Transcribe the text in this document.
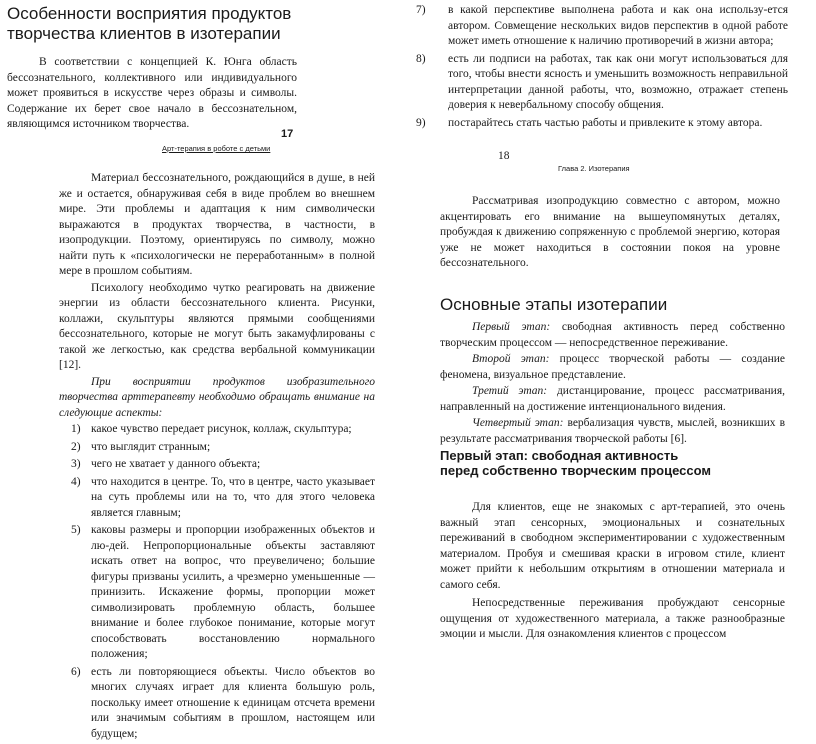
Особенности восприятия продуктов творчества клиентов в изотерапии

В соответствии с концепцией К. Юнга область бессознательного, коллективного или индивидуального может проявиться в искусстве через образы и символы. Содержание их берет свое начало в бессознательном, являющимся источником творчества.

17
Арт-терапия в роботе с детьми

Материал бессознательного, рождающийся в душе, в ней же и остается, обнаруживая себя в виде проблем во внешнем мире. Эти проблемы и адаптация к ним символически выражаются в продуктах творчества, в частности, в изопродукции. Поэтому, ориентируясь по символу, можно найти путь к «психологически не переработанным» в полной мере в прошлом событиям.

Психологу необходимо чутко реагировать на движение энергии из области бессознательного клиента. Рисунки, коллажи, скульптуры являются прямыми сообщениями бессознательного, которые не могут быть закамуфлированы с такой же легкостью, как средства вербальной коммуникации [12].

При восприятии продуктов изобразительного творчества арттерапевту необходимо обращать внимание на следующие аспекты:

1) какое чувство передает рисунок, коллаж, скульптура;
2) что выглядит странным;
3) чего не хватает у данного объекта;
4) что находится в центре. То, что в центре, часто указывает на суть проблемы или на то, что для этого человека является главным;
5) каковы размеры и пропорции изображенных объектов и лю-дей. Непропорциональные объекты заставляют искать ответ на вопрос, что преувеличено; большие фигуры призваны усилить, а чрезмерно уменьшенные — принизить. Искажение формы, пропорции может символизировать проблемную область, большее внимание и более глубокое понимание, которые могут способствовать восстановлению нормального положения;
6) есть ли повторяющиеся объекты. Число объектов во многих случаях играет для клиента большую роль, поскольку имеет отношение к единицам отсчета времени или значимым событиям в прошлом, настоящем или будущем;
7) в какой перспективе выполнена работа и как она использу-ется автором. Совмещение нескольких видов перспектив в одной работе может иметь отношение к наличию противоречий в жизни автора;
8) есть ли подписи на работах, так как они могут использоваться для того, чтобы внести ясность и уменьшить возможность неправильной интерпретации данной работы, что, возможно, отражает степень доверия к невербальному способу общения.
9) постарайтесь стать частью работы и привлеките к этому автора.
18
Глава 2. Изотерапия

Рассматривая изопродукцию совместно с автором, можно акцентировать его внимание на вышеупомянутых деталях, пробуждая к движению сопряженную с проблемой энергию, которая уже не может находиться в состоянии покоя на уровне бессознательного.

Основные этапы изотерапии

Первый этап: свободная активность перед собственно творческим процессом — непосредственное переживание.

Второй этап: процесс творческой работы — создание феномена, визуальное представление.

Третий этап: дистанцирование, процесс рассматривания, направленный на достижение интенционального видения.

Четвертый этап: вербализация чувств, мыслей, возникших в результате рассматривания творческой работы [6].

Первый этап: свободная активность перед собственно творческим процессом

Для клиентов, еще не знакомых с арт-терапией, это очень важный этап сенсорных, эмоциональных и сознательных переживаний в свободном экспериментировании с художественным материалом. Пробуя и смешивая краски в игровом стиле, клиент может прийти к небольшим открытиям в отношении материала и самого себя.

Непосредственные переживания пробуждают сенсорные ощущения от художественного материала, а также разнообразные эмоции и мысли. Для ознакомления клиентов с процессом
